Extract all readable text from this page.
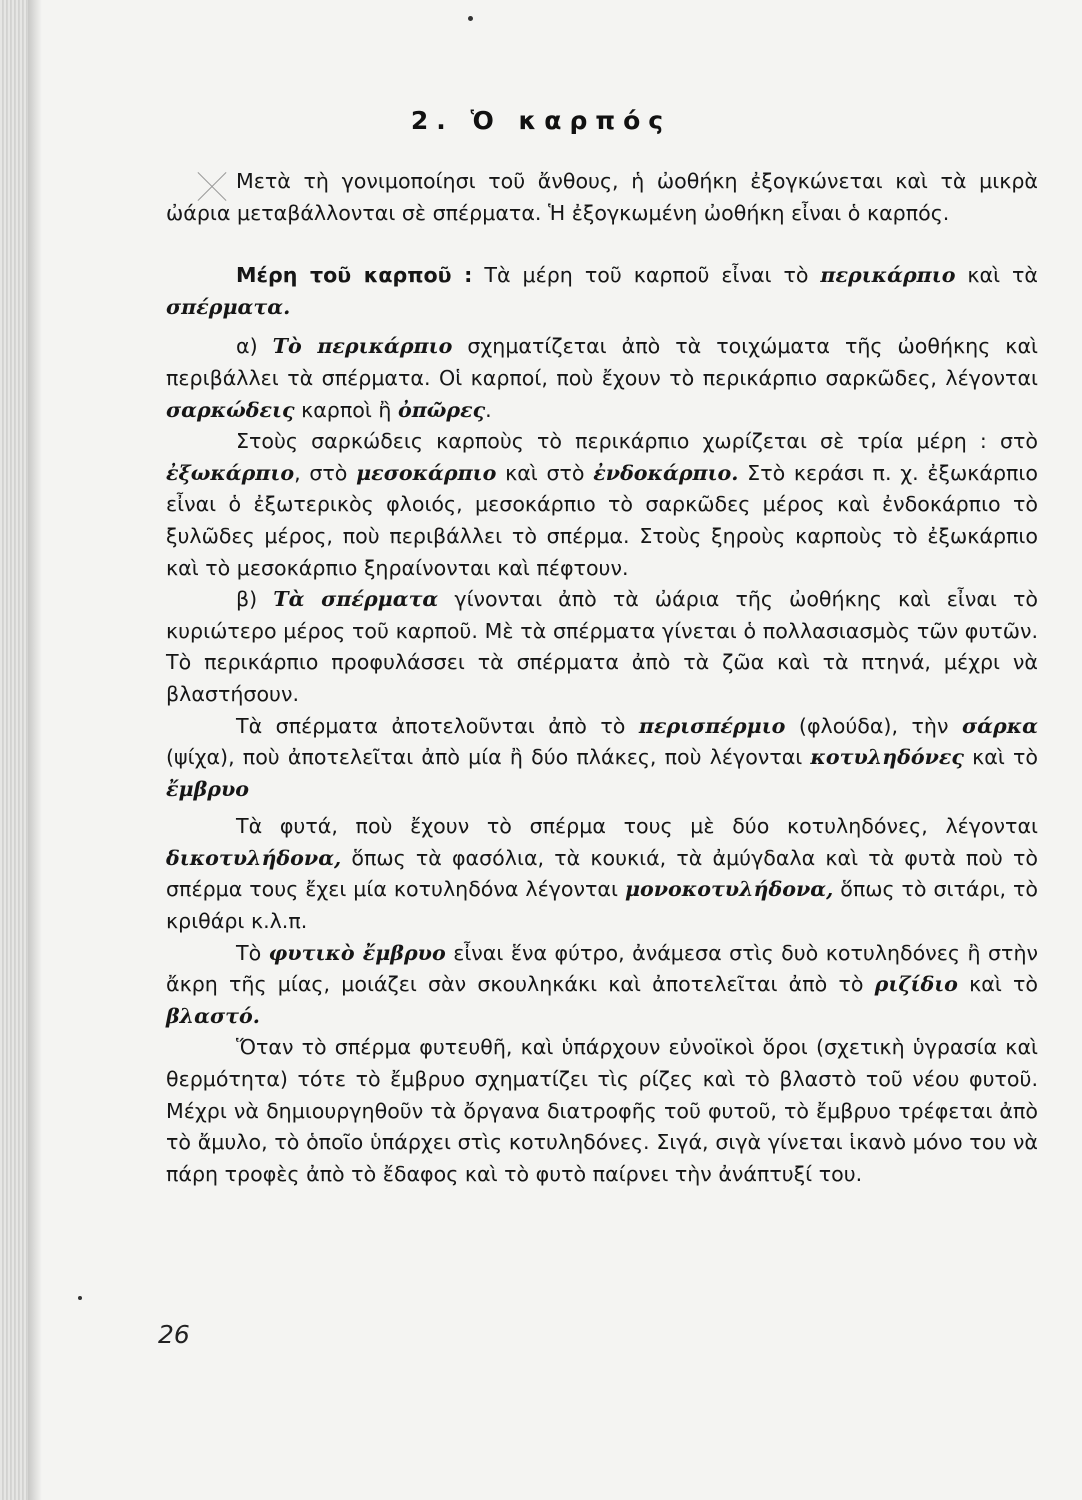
2. Ὁ καρπός

Μετὰ τὴ γονιμοποίησι τοῦ ἄνθους, ἡ ὠοθήκη ἐξογκώνεται καὶ τὰ μικρὰ ὠάρια μεταβάλλονται σὲ σπέρματα. Ἡ ἐξογκωμένη ὠοθήκη εἶναι ὁ καρπός.

Μέρη τοῦ καρποῦ : Τὰ μέρη τοῦ καρποῦ εἶναι τὸ περικάρπιο καὶ τὰ σπέρματα.

α) Τὸ περικάρπιο σχηματίζεται ἀπὸ τὰ τοιχώματα τῆς ὠοθήκης καὶ περιβάλλει τὰ σπέρματα. Οἱ καρποί, ποὺ ἔχουν τὸ περικάρπιο σαρκῶδες, λέγονται σαρκώδεις καρποὶ ἢ ὀπῶρες.

Στοὺς σαρκώδεις καρποὺς τὸ περικάρπιο χωρίζεται σὲ τρία μέρη : στὸ ἐξωκάρπιο, στὸ μεσοκάρπιο καὶ στὸ ἐνδοκάρπιο. Στὸ κεράσι π. χ. ἐξωκάρπιο εἶναι ὁ ἐξωτερικὸς φλοιός, μεσοκάρπιο τὸ σαρκῶδες μέρος καὶ ἐνδοκάρπιο τὸ ξυλῶδες μέρος, ποὺ περιβάλλει τὸ σπέρμα. Στοὺς ξηροὺς καρποὺς τὸ ἐξωκάρπιο καὶ τὸ μεσοκάρπιο ξηραίνονται καὶ πέφτουν.

β) Τὰ σπέρματα γίνονται ἀπὸ τὰ ὠάρια τῆς ὠοθήκης καὶ εἶναι τὸ κυριώτερο μέρος τοῦ καρποῦ. Μὲ τὰ σπέρματα γίνεται ὁ πολλασιασμὸς τῶν φυτῶν. Τὸ περικάρπιο προφυλάσσει τὰ σπέρματα ἀπὸ τὰ ζῶα καὶ τὰ πτηνά, μέχρι νὰ βλαστήσουν.

Τὰ σπέρματα ἀποτελοῦνται ἀπὸ τὸ περισπέρμιο (φλούδα), τὴν σάρκα (ψίχα), ποὺ ἀποτελεῖται ἀπὸ μία ἢ δύο πλάκες, ποὺ λέγονται κοτυληδόνες καὶ τὸ ἔμβρυο

Τὰ φυτά, ποὺ ἔχουν τὸ σπέρμα τους μὲ δύο κοτυληδόνες, λέγονται δικοτυλήδονα, ὅπως τὰ φασόλια, τὰ κουκιά, τὰ ἀμύγδαλα καὶ τὰ φυτὰ ποὺ τὸ σπέρμα τους ἔχει μία κοτυληδόνα λέγονται μονοκοτυλήδονα, ὅπως τὸ σιτάρι, τὸ κριθάρι κ.λ.π.

Τὸ φυτικὸ ἔμβρυο εἶναι ἕνα φύτρο, ἀνάμεσα στὶς δυὸ κοτυληδόνες ἢ στὴν ἄκρη τῆς μίας, μοιάζει σὰν σκουληκάκι καὶ ἀποτελεῖται ἀπὸ τὸ ριζίδιο καὶ τὸ βλαστό.

Ὅταν τὸ σπέρμα φυτευθῆ, καὶ ὑπάρχουν εὐνοϊκοὶ ὅροι (σχετικὴ ὑγρασία καὶ θερμότητα) τότε τὸ ἔμβρυο σχηματίζει τὶς ρίζες καὶ τὸ βλαστὸ τοῦ νέου φυτοῦ. Μέχρι νὰ δημιουργηθοῦν τὰ ὄργανα διατροφῆς τοῦ φυτοῦ, τὸ ἔμβρυο τρέφεται ἀπὸ τὸ ἄμυλο, τὸ ὁποῖο ὑπάρχει στὶς κοτυληδόνες. Σιγά, σιγὰ γίνεται ἱκανὸ μόνο του νὰ πάρη τροφὲς ἀπὸ τὸ ἔδαφος καὶ τὸ φυτὸ παίρνει τὴν ἀνάπτυξί του.

26
